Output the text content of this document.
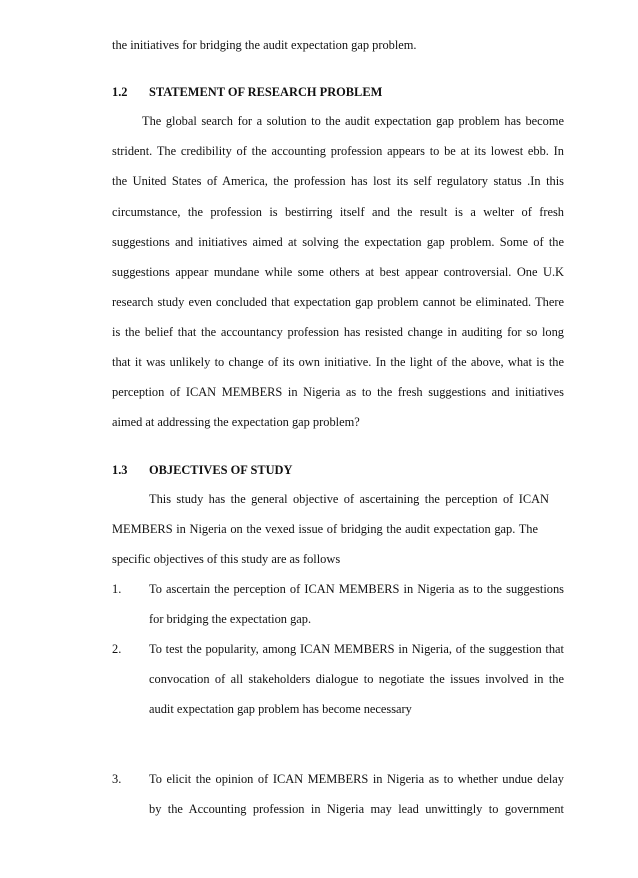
the initiatives for bridging the audit expectation gap problem.
1.2 STATEMENT OF RESEARCH PROBLEM
The global search for a solution to the audit expectation gap problem has become
strident. The credibility of the accounting profession appears to be at its lowest ebb. In
the United States of America, the profession has lost its self regulatory status .In this
circumstance, the profession is bestirring itself and the result is a welter of fresh
suggestions and initiatives aimed at solving the expectation gap problem. Some of the
suggestions appear mundane while some others at best appear controversial. One U.K
research study even concluded that expectation gap problem cannot be eliminated. There
is the belief that the accountancy profession has resisted change in auditing for so long
that it was unlikely to change of its own initiative. In the light of the above, what is the
perception of ICAN MEMBERS in Nigeria as to the fresh suggestions and initiatives
aimed at addressing the expectation gap problem?
1.3 OBJECTIVES OF STUDY
This study has the general objective of ascertaining the perception of ICAN
MEMBERS in Nigeria on the vexed issue of bridging the audit expectation gap. The
specific objectives of this study are as follows
1. To ascertain the perception of ICAN MEMBERS in Nigeria as to the suggestions
for bridging the expectation gap.
2. To test the popularity, among ICAN MEMBERS in Nigeria, of the suggestion that
convocation of all stakeholders dialogue to negotiate the issues involved in the
audit expectation gap problem has become necessary
3. To elicit the opinion of ICAN MEMBERS in Nigeria as to whether undue delay
by the Accounting profession in Nigeria may lead unwittingly to government
